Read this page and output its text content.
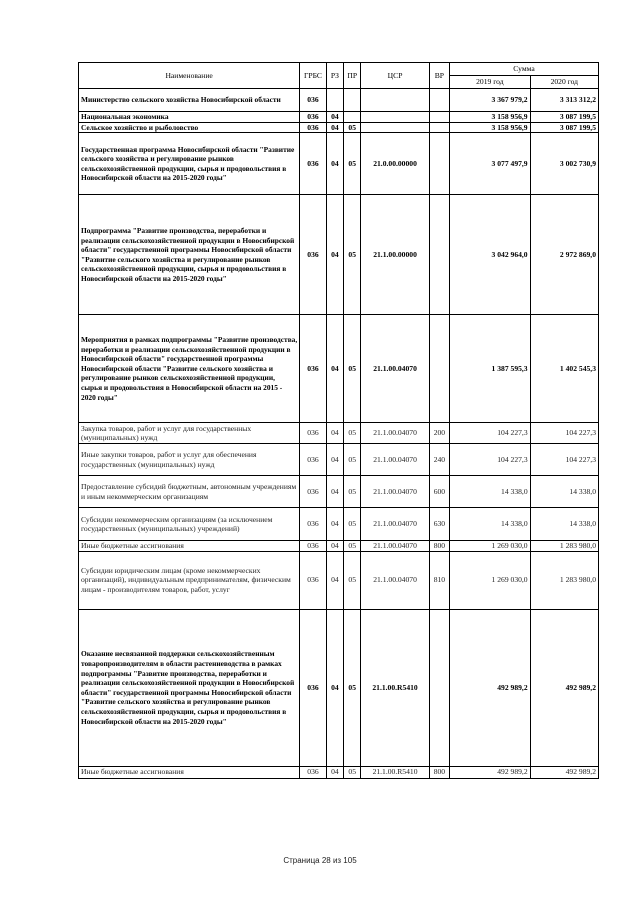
Наименование	ГРБС	РЗ	ПР	ЦСР	ВР	Сумма	
						2019 год	2020 год
Министерство сельского хозяйства Новосибирской области	036					3 367 979,2	3 313 312,2
Национальная экономика	036	04				3 158 956,9	3 087 199,5
Сельское хозяйство и рыболовство	036	04	05			3 158 956,9	3 087 199,5
Государственная программа Новосибирской области "Развитие сельского хозяйства и регулирование рынков сельскохозяйственной продукции, сырья и продовольствия в Новосибирской области на 2015-2020 годы"	036	04	05	21.0.00.00000		3 077 497,9	3 002 730,9
Подпрограмма "Развитие производства, переработки и реализации сельскохозяйственной продукции в Новосибирской области" государственной программы Новосибирской области "Развитие сельского хозяйства и регулирование рынков сельскохозяйственной продукции, сырья и продовольствия в Новосибирской области на 2015-2020 годы"	036	04	05	21.1.00.00000		3 042 964,0	2 972 869,0
Мероприятия в рамках подпрограммы "Развитие производства, переработки и реализации сельскохозяйственной продукции в Новосибирской области" государственной программы Новосибирской области "Развитие сельского хозяйства и регулирование рынков сельскохозяйственной продукции, сырья и продовольствия в Новосибирской области на 2015 - 2020 годы"	036	04	05	21.1.00.04070		1 387 595,3	1 402 545,3
Закупка товаров, работ и услуг для государственных (муниципальных) нужд	036	04	05	21.1.00.04070	200	104 227,3	104 227,3
Иные закупки товаров, работ и услуг для обеспечения государственных (муниципальных) нужд	036	04	05	21.1.00.04070	240	104 227,3	104 227,3
Предоставление субсидий бюджетным, автономным учреждениям и иным некоммерческим организациям	036	04	05	21.1.00.04070	600	14 338,0	14 338,0
Субсидии некоммерческим организациям (за исключением государственных (муниципальных) учреждений)	036	04	05	21.1.00.04070	630	14 338,0	14 338,0
Иные бюджетные ассигнования	036	04	05	21.1.00.04070	800	1 269 030,0	1 283 980,0
Субсидии юридическим лицам (кроме некоммерческих организаций), индивидуальным предпринимателям, физическим лицам - производителям товаров, работ, услуг	036	04	05	21.1.00.04070	810	1 269 030,0	1 283 980,0
Оказание несвязанной поддержки сельскохозяйственным товаропроизводителям в области растениеводства в рамках подпрограммы "Развитие производства, переработки и реализации сельскохозяйственной продукции в Новосибирской области" государственной программы Новосибирской области "Развитие сельского хозяйства и регулирование рынков сельскохозяйственной продукции, сырья и продовольствия в Новосибирской области на 2015-2020 годы"	036	04	05	21.1.00.R5410		492 989,2	492 989,2
Иные бюджетные ассигнования	036	04	05	21.1.00.R5410	800	492 989,2	492 989,2
Страница 28 из 105
